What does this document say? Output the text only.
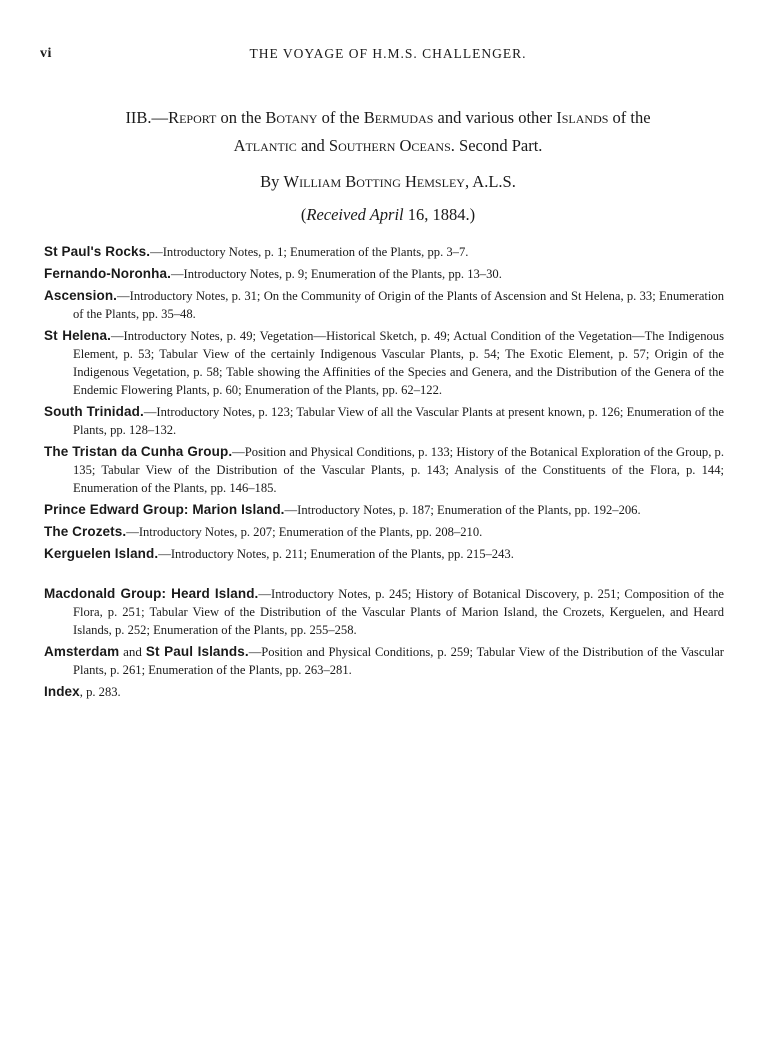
vi	THE VOYAGE OF H.M.S. CHALLENGER.
IIB.—Report on the Botany of the Bermudas and various other Islands of the
Atlantic and Southern Oceans. Second Part.
By William Botting Hemsley, A.L.S.
(Received April 16, 1884.)

St Paul's Rocks.—Introductory Notes, p. 1; Enumeration of the Plants, pp. 3–7.

Fernando-Noronha.—Introductory Notes, p. 9; Enumeration of the Plants, pp. 13–30.

Ascension.—Introductory Notes, p. 31; On the Community of Origin of the Plants of Ascension and St Helena, p. 33; Enumeration of the Plants, pp. 35–48.

St Helena.—Introductory Notes, p. 49; Vegetation—Historical Sketch, p. 49; Actual Condition of the Vegetation—The Indigenous Element, p. 53; Tabular View of the certainly Indigenous Vascular Plants, p. 54; The Exotic Element, p. 57; Origin of the Indigenous Vegetation, p. 58; Table showing the Affinities of the Species and Genera, and the Distribution of the Genera of the Endemic Flowering Plants, p. 60; Enumeration of the Plants, pp. 62–122.

South Trinidad.—Introductory Notes, p. 123; Tabular View of all the Vascular Plants at present known, p. 126; Enumeration of the Plants, pp. 128–132.

The Tristan da Cunha Group.—Position and Physical Conditions, p. 133; History of the Botanical Exploration of the Group, p. 135; Tabular View of the Distribution of the Vascular Plants, p. 143; Analysis of the Constituents of the Flora, p. 144; Enumeration of the Plants, pp. 146–185.

Prince Edward Group: Marion Island.—Introductory Notes, p. 187; Enumeration of the Plants, pp. 192–206.

The Crozets.—Introductory Notes, p. 207; Enumeration of the Plants, pp. 208–210.

Kerguelen Island.—Introductory Notes, p. 211; Enumeration of the Plants, pp. 215–243.

Macdonald Group: Heard Island.—Introductory Notes, p. 245; History of Botanical Discovery, p. 251; Composition of the Flora, p. 251; Tabular View of the Distribution of the Vascular Plants of Marion Island, the Crozets, Kerguelen, and Heard Islands, p. 252; Enumeration of the Plants, pp. 255–258.

Amsterdam and St Paul Islands.—Position and Physical Conditions, p. 259; Tabular View of the Distribution of the Vascular Plants, p. 261; Enumeration of the Plants, pp. 263–281.

Index, p. 283.
